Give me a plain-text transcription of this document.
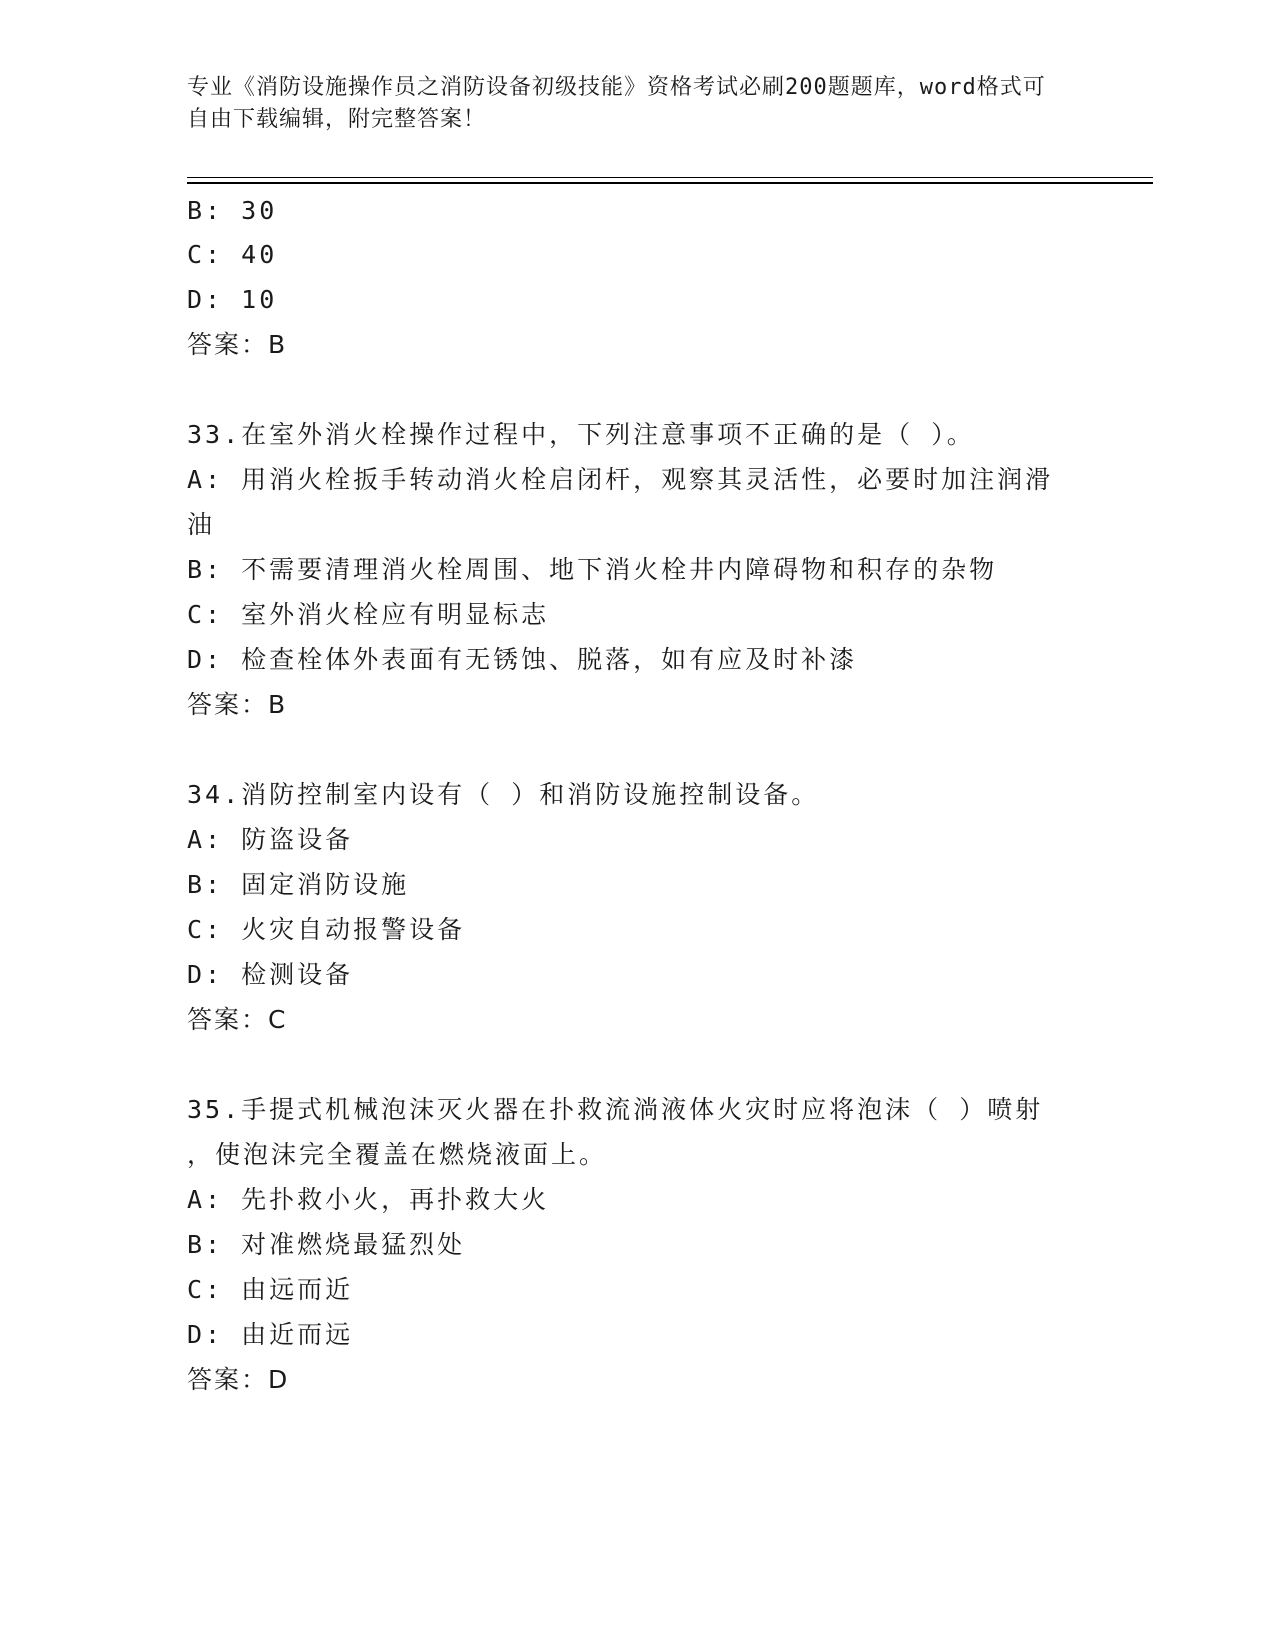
专业《消防设施操作员之消防设备初级技能》资格考试必刷200题题库，word格式可自由下载编辑，附完整答案！
B: 30
C: 40
D: 10
答案：B
33.在室外消火栓操作过程中，下列注意事项不正确的是（ ）。
A: 用消火栓扳手转动消火栓启闭杆，观察其灵活性，必要时加注润滑
油
B: 不需要清理消火栓周围、地下消火栓井内障碍物和积存的杂物
C: 室外消火栓应有明显标志
D: 检查栓体外表面有无锈蚀、脱落，如有应及时补漆
答案：B
34.消防控制室内设有（ ）和消防设施控制设备。
A: 防盗设备
B: 固定消防设施
C: 火灾自动报警设备
D: 检测设备
答案：C
35.手提式机械泡沫灭火器在扑救流淌液体火灾时应将泡沫（ ）喷射
，使泡沫完全覆盖在燃烧液面上。
A: 先扑救小火，再扑救大火
B: 对准燃烧最猛烈处
C: 由远而近
D: 由近而远
答案：D
